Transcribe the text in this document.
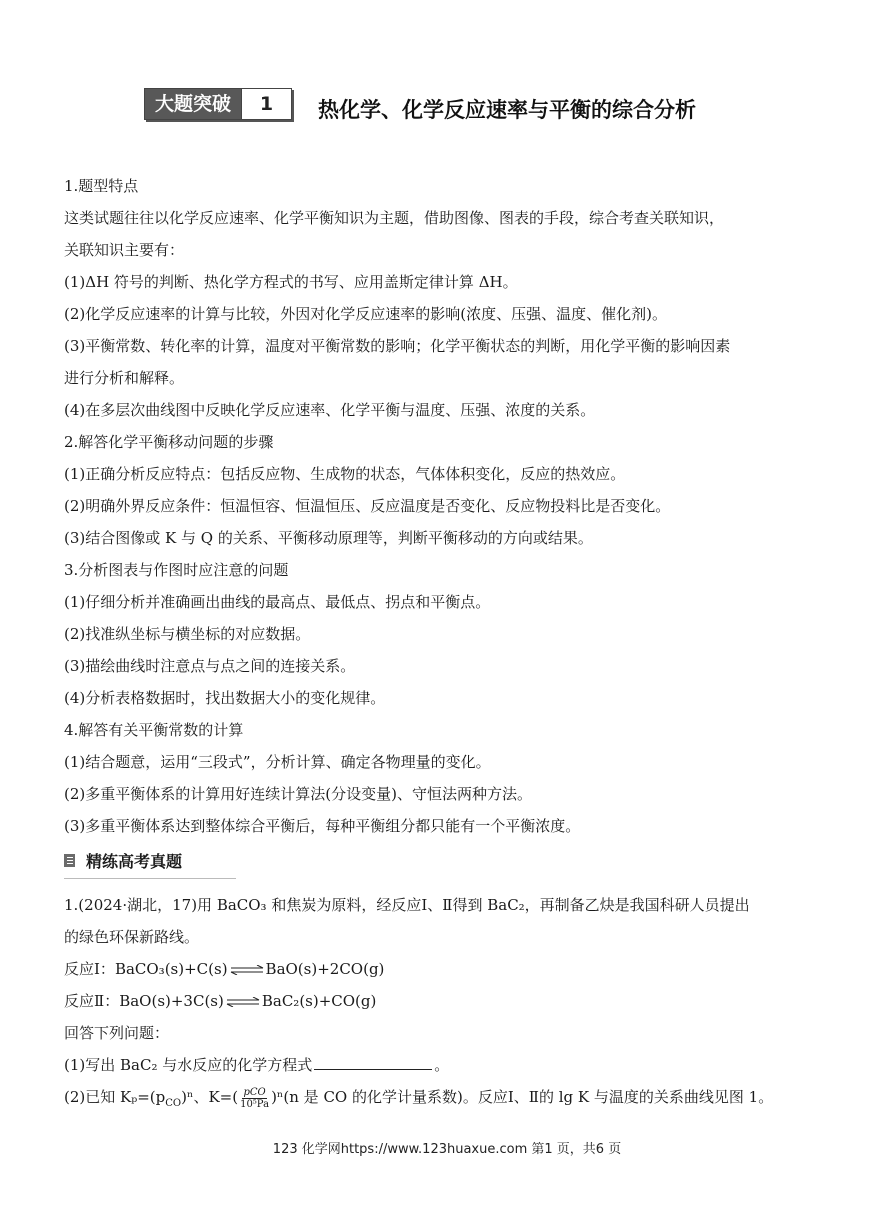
大题突破	1	热化学、化学反应速率与平衡的综合分析

1.题型特点

这类试题往往以化学反应速率、化学平衡知识为主题，借助图像、图表的手段，综合考查关联知识，

关联知识主要有：

(1)ΔH 符号的判断、热化学方程式的书写、应用盖斯定律计算 ΔH。

(2)化学反应速率的计算与比较，外因对化学反应速率的影响(浓度、压强、温度、催化剂)。

(3)平衡常数、转化率的计算，温度对平衡常数的影响；化学平衡状态的判断，用化学平衡的影响因素

进行分析和解释。

(4)在多层次曲线图中反映化学反应速率、化学平衡与温度、压强、浓度的关系。

2.解答化学平衡移动问题的步骤

(1)正确分析反应特点：包括反应物、生成物的状态，气体体积变化，反应的热效应。

(2)明确外界反应条件：恒温恒容、恒温恒压、反应温度是否变化、反应物投料比是否变化。

(3)结合图像或 K 与 Q 的关系、平衡移动原理等，判断平衡移动的方向或结果。

3.分析图表与作图时应注意的问题

(1)仔细分析并准确画出曲线的最高点、最低点、拐点和平衡点。

(2)找准纵坐标与横坐标的对应数据。

(3)描绘曲线时注意点与点之间的连接关系。

(4)分析表格数据时，找出数据大小的变化规律。

4.解答有关平衡常数的计算

(1)结合题意，运用“三段式”，分析计算、确定各物理量的变化。

(2)多重平衡体系的计算用好连续计算法(分设变量)、守恒法两种方法。

(3)多重平衡体系达到整体综合平衡后，每种平衡组分都只能有一个平衡浓度。

精练高考真题

1.(2024·湖北，17)用 BaCO₃ 和焦炭为原料，经反应Ⅰ、Ⅱ得到 BaC₂，再制备乙炔是我国科研人员提出

的绿色环保新路线。

反应Ⅰ：BaCO₃(s)+C(s) ⇌ BaO(s)+2CO(g)

反应Ⅱ：BaO(s)+3C(s) ⇌ BaC₂(s)+CO(g)

回答下列问题：

(1)写出 BaC₂ 与水反应的化学方程式	。

(2)已知 $K_p=(p_{CO})^n$、$K=( \frac{\text{pCO}}{\text{10⁵Pa}} )^n(n$ 是 CO 的化学计量系数)。反应Ⅰ、Ⅱ的 lg K 与温度的关系曲线见图 1。

123 化学网https://www.123huaxue.com 第1 页，共6 页
